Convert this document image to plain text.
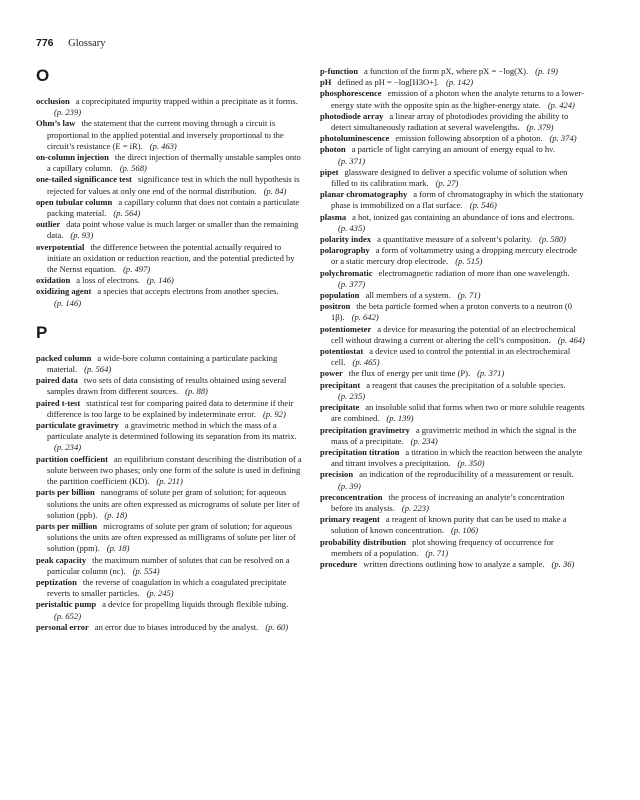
776 Glossary
O

occlusion a coprecipitated impurity trapped within a precipitate as it forms.(p. 239)

Ohm’s law the statement that the current moving through a circuit is proportional to the applied potential and inversely proportional to the circuit’s resistance (E = iR). (p. 463)

on-column injection the direct injection of thermally unstable samples onto a capillary column. (p. 568)

one-tailed significance test significance test in which the null hypothesis is rejected for values at only one end of the normal distribution. (p. 84)

open tubular column a capillary column that does not contain a particulate packing material. (p. 564)

outlier data point whose value is much larger or smaller than the remaining data. (p. 93)

overpotential the difference between the potential actually required to initiate an oxidation or reduction reaction, and the potential predicted by the Nernst equation. (p. 497)

oxidation a loss of electrons. (p. 146)

oxidizing agent a species that accepts electrons from another species.(p. 146)

P

packed column a wide-bore column containing a particulate packing material. (p. 564)

paired data two sets of data consisting of results obtained using several samples drawn from different sources. (p. 88)

paired t-test statistical test for comparing paired data to determine if their difference is too large to be explained by indeterminate error. (p. 92)

particulate gravimetry a gravimetric method in which the mass of a particulate analyte is determined following its separation from its matrix.(p. 234)

partition coefficient an equilibrium constant describing the distribution of a solute between two phases; only one form of the solute is used in defining the partition coefficient (KD). (p. 211)

parts per billion nanograms of solute per gram of solution; for aqueous solutions the units are often expressed as micrograms of solute per liter of solution (ppb). (p. 18)

parts per million micrograms of solute per gram of solution; for aqueous solutions the units are often expressed as milligrams of solute per liter of solution (ppm). (p. 18)

peak capacity the maximum number of solutes that can be resolved on a particular column (nc). (p. 554)

peptization the reverse of coagulation in which a coagulated precipitate reverts to smaller particles. (p. 245)

peristaltic pump a device for propelling liquids through flexible tubing.(p. 652)

personal error an error due to biases introduced by the analyst. (p. 60)

p-function a function of the form pX, where pX = −log(X). (p. 19)

pH defined as pH = −log[H3O+]. (p. 142)

phosphorescence emission of a photon when the analyte returns to a lower-energy state with the opposite spin as the higher-energy state. (p. 424)

photodiode array a linear array of photodiodes providing the ability to detect simultaneously radiation at several wavelengths. (p. 379)

photoluminescence emission following absorption of a photon. (p. 374)

photon a particle of light carrying an amount of energy equal to hν.(p. 371)

pipet glassware designed to deliver a specific volume of solution when filled to its calibration mark. (p. 27)

planar chromatography a form of chromatography in which the stationary phase is immobilized on a flat surface. (p. 546)

plasma a hot, ionized gas containing an abundance of ions and electrons.(p. 435)

polarity index a quantitative measure of a solvent’s polarity. (p. 580)

polarography a form of voltammetry using a dropping mercury electrode or a static mercury drop electrode. (p. 515)

polychromatic electromagnetic radiation of more than one wavelength.(p. 377)

population all members of a system. (p. 71)

positron the beta particle formed when a proton converts to a neutron (0 1β). (p. 642)

potentiometer a device for measuring the potential of an electrochemical cell without drawing a current or altering the cell’s composition. (p. 464)

potentiostat a device used to control the potential in an electrochemical cell. (p. 465)

power the flux of energy per unit time (P). (p. 371)

precipitant a reagent that causes the precipitation of a soluble species.(p. 235)

precipitate an insoluble solid that forms when two or more soluble reagents are combined. (p. 139)

precipitation gravimetry a gravimetric method in which the signal is the mass of a precipitate. (p. 234)

precipitation titration a titration in which the reaction between the analyte and titrant involves a precipitation. (p. 350)

precision an indication of the reproducibility of a measurement or result.(p. 39)

preconcentration the process of increasing an analyte’s concentration before its analysis. (p. 223)

primary reagent a reagent of known purity that can be used to make a solution of known concentration. (p. 106)

probability distribution plot showing frequency of occurrence for members of a population. (p. 71)

procedure written directions outlining how to analyze a sample. (p. 36)
